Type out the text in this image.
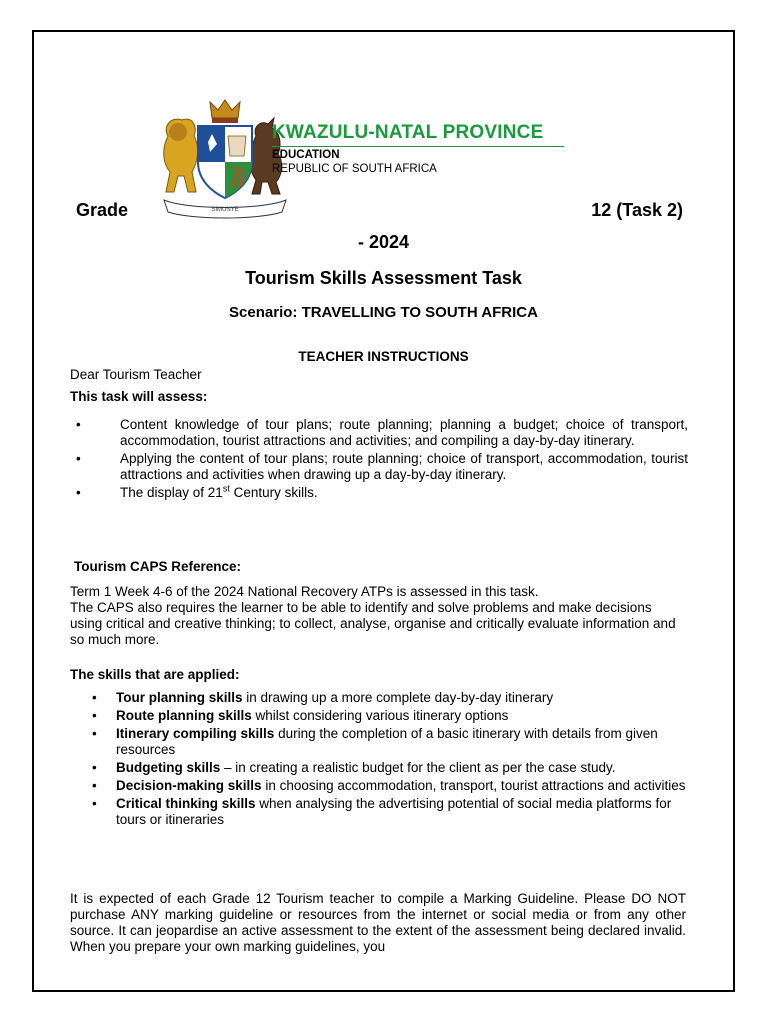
SIMUNYE
KWAZULU-NATAL PROVINCE
EDUCATION
REPUBLIC OF SOUTH AFRICA
Grade	12 (Task 2)
- 2024
Tourism Skills Assessment Task
Scenario: TRAVELLING TO SOUTH AFRICA
TEACHER INSTRUCTIONS
Dear Tourism Teacher
This task will assess:
•	Content knowledge of tour plans; route planning; planning a budget; choice of transport, accommodation, tourist attractions and activities; and compiling a day-by-day itinerary.
•	Applying the content of tour plans; route planning; choice of transport, accommodation, tourist attractions and activities when drawing up a day-by-day itinerary.
•	The display of 21st Century skills.
Tourism CAPS Reference:
Term 1 Week 4-6 of the 2024 National Recovery ATPs is assessed in this task.
The CAPS also requires the learner to be able to identify and solve problems and make decisions using critical and creative thinking; to collect, analyse, organise and critically evaluate information and so much more.
The skills that are applied:
• Tour planning skills in drawing up a more complete day-by-day itinerary
• Route planning skills whilst considering various itinerary options
• Itinerary compiling skills during the completion of a basic itinerary with details from given resources
• Budgeting skills – in creating a realistic budget for the client as per the case study.
• Decision-making skills in choosing accommodation, transport, tourist attractions and activities
• Critical thinking skills when analysing the advertising potential of social media platforms for tours or itineraries
It is expected of each Grade 12 Tourism teacher to compile a Marking Guideline. Please DO NOT purchase ANY marking guideline or resources from the internet or social media or from any other source. It can jeopardise an active assessment to the extent of the assessment being declared invalid. When you prepare your own marking guidelines, you
